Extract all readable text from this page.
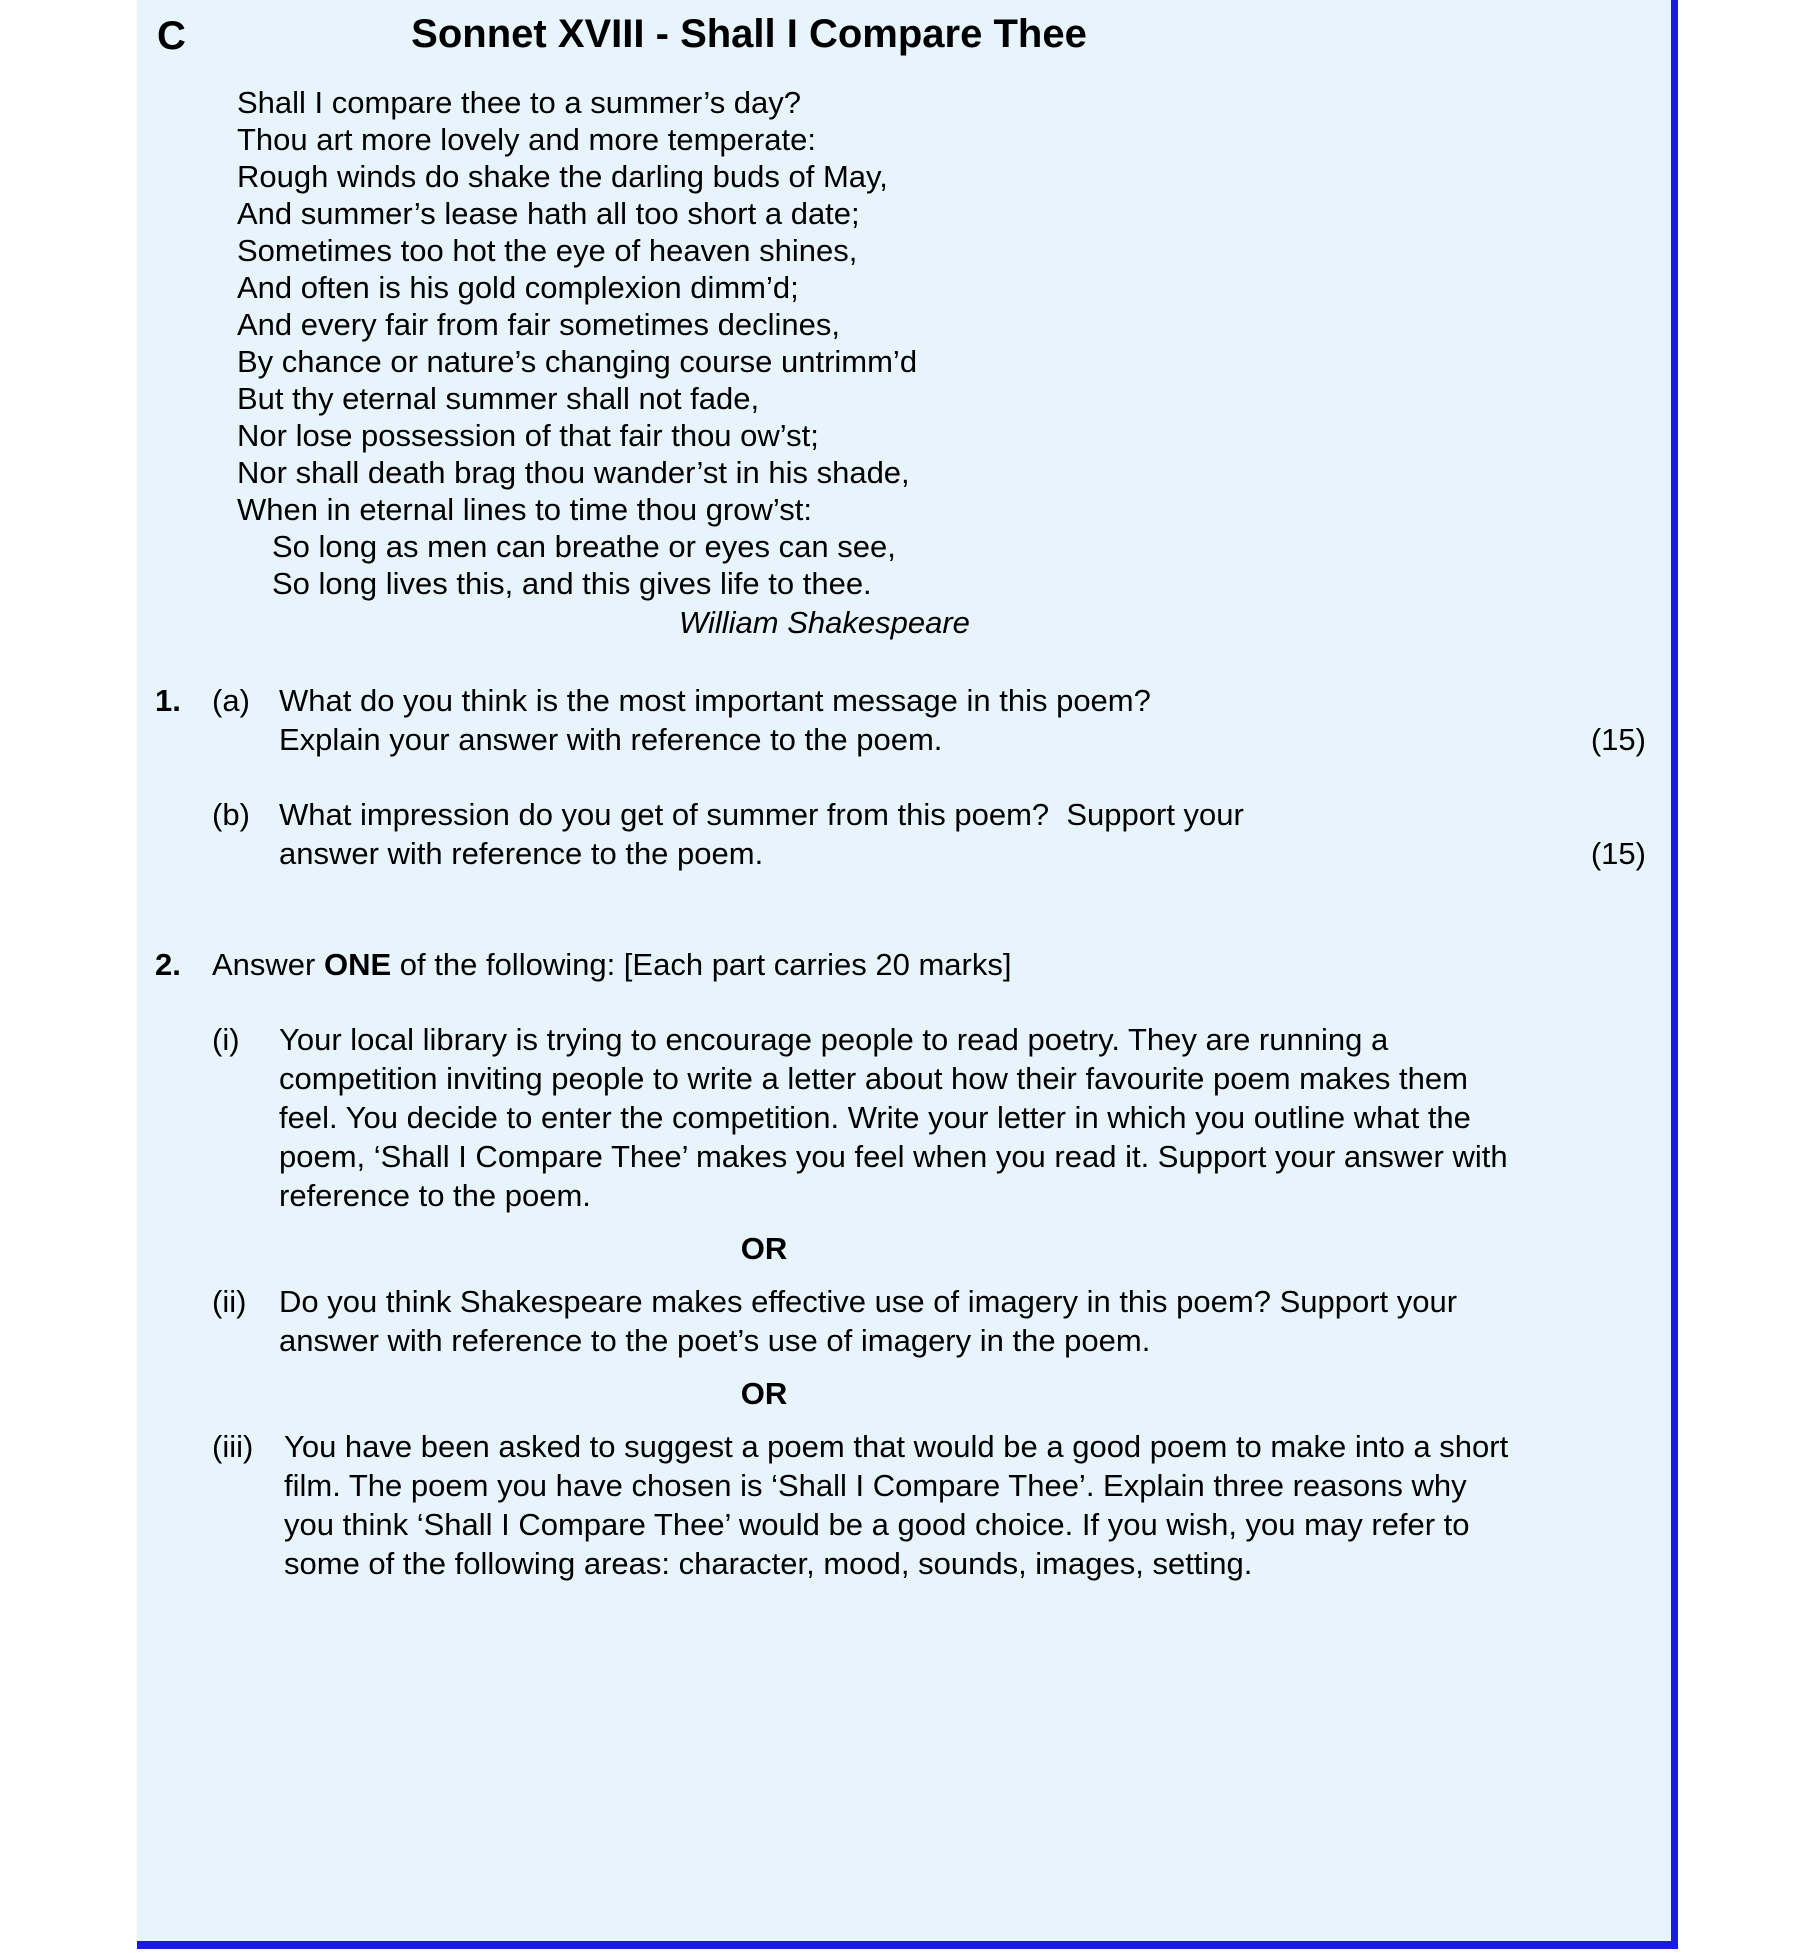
C	Sonnet XVIII - Shall I Compare Thee
Shall I compare thee to a summer’s day?
Thou art more lovely and more temperate:
Rough winds do shake the darling buds of May,
And summer’s lease hath all too short a date;
Sometimes too hot the eye of heaven shines,
And often is his gold complexion dimm’d;
And every fair from fair sometimes declines,
By chance or nature’s changing course untrimm’d
But thy eternal summer shall not fade,
Nor lose possession of that fair thou ow’st;
Nor shall death brag thou wander’st in his shade,
When in eternal lines to time thou grow’st:
So long as men can breathe or eyes can see,
So long lives this, and this gives life to thee.
William Shakespeare
1.	(a) What do you think is the most important message in this poem?
Explain your answer with reference to the poem.	(15)
(b) What impression do you get of summer from this poem?  Support your
answer with reference to the poem.	(15)
2.	Answer ONE of the following: [Each part carries 20 marks]
(i)	Your local library is trying to encourage people to read poetry. They are running a competition inviting people to write a letter about how their favourite poem makes them feel. You decide to enter the competition. Write your letter in which you outline what the poem, ‘Shall I Compare Thee’ makes you feel when you read it. Support your answer with reference to the poem.
OR
(ii)	Do you think Shakespeare makes effective use of imagery in this poem? Support your answer with reference to the poet’s use of imagery in the poem.
OR
(iii) You have been asked to suggest a poem that would be a good poem to make into a short film. The poem you have chosen is ‘Shall I Compare Thee’. Explain three reasons why you think ‘Shall I Compare Thee’ would be a good choice. If you wish, you may refer to some of the following areas: character, mood, sounds, images, setting.
